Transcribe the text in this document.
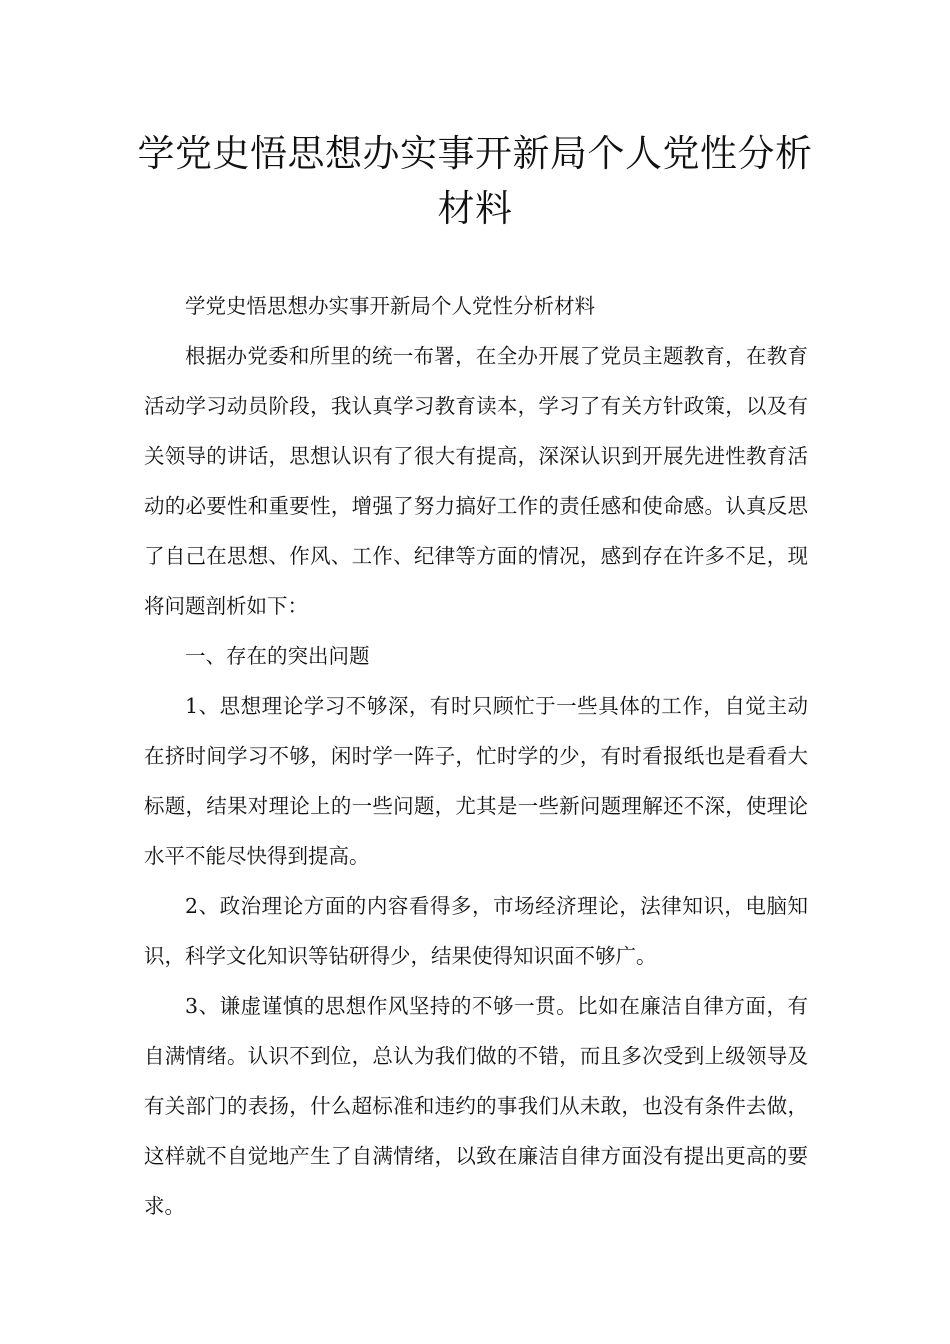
学党史悟思想办实事开新局个人党性分析材料

学党史悟思想办实事开新局个人党性分析材料

根据办党委和所里的统一布署，在全办开展了党员主题教育，在教育活动学习动员阶段，我认真学习教育读本，学习了有关方针政策，以及有关领导的讲话，思想认识有了很大有提高，深深认识到开展先进性教育活动的必要性和重要性，增强了努力搞好工作的责任感和使命感。认真反思了自己在思想、作风、工作、纪律等方面的情况，感到存在许多不足，现将问题剖析如下：

一、存在的突出问题

1、思想理论学习不够深，有时只顾忙于一些具体的工作，自觉主动在挤时间学习不够，闲时学一阵子，忙时学的少，有时看报纸也是看看大标题，结果对理论上的一些问题，尤其是一些新问题理解还不深，使理论水平不能尽快得到提高。

2、政治理论方面的内容看得多，市场经济理论，法律知识，电脑知识，科学文化知识等钻研得少，结果使得知识面不够广。

3、谦虚谨慎的思想作风坚持的不够一贯。比如在廉洁自律方面，有自满情绪。认识不到位，总认为我们做的不错，而且多次受到上级领导及有关部门的表扬，什么超标准和违约的事我们从未敢，也没有条件去做，这样就不自觉地产生了自满情绪，以致在廉洁自律方面没有提出更高的要求。
